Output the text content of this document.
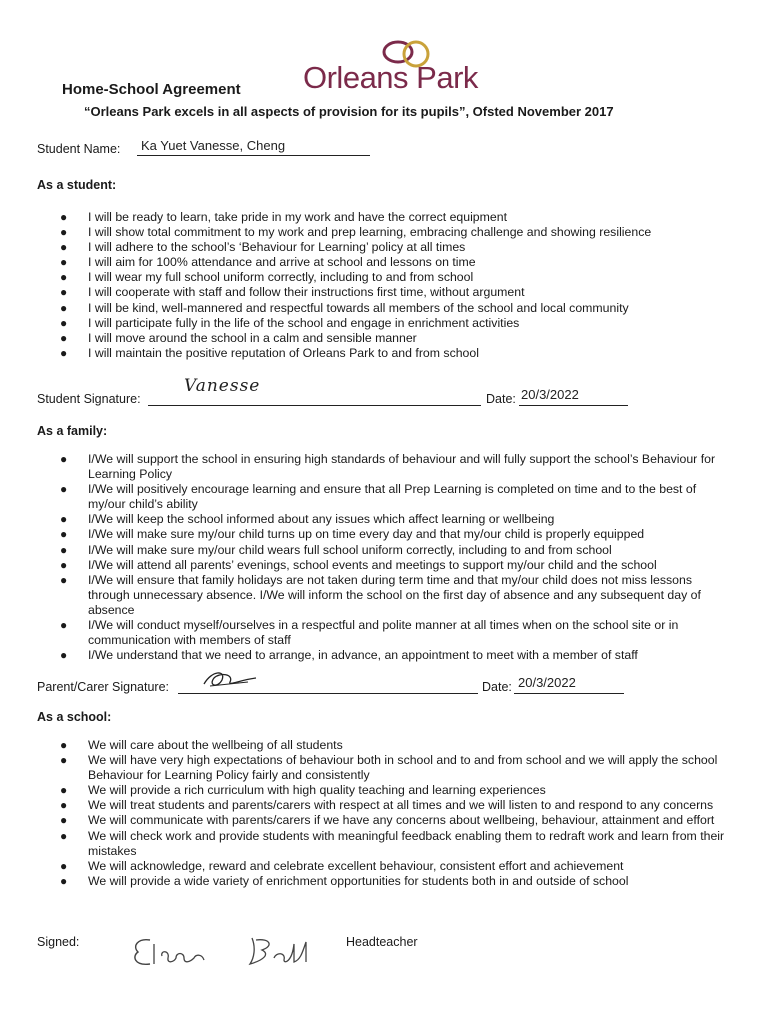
Home-School Agreement Orleans Park
“Orleans Park excels in all aspects of provision for its pupils”, Ofsted November 2017
Student Name: Ka Yuet Vanesse, Cheng
As a student:
● I will be ready to learn, take pride in my work and have the correct equipment
● I will show total commitment to my work and prep learning, embracing challenge and showing resilience
● I will adhere to the school’s ‘Behaviour for Learning’ policy at all times
● I will aim for 100% attendance and arrive at school and lessons on time
● I will wear my full school uniform correctly, including to and from school
● I will cooperate with staff and follow their instructions first time, without argument
● I will be kind, well-mannered and respectful towards all members of the school and local community
● I will participate fully in the life of the school and engage in enrichment activities
● I will move around the school in a calm and sensible manner
● I will maintain the positive reputation of Orleans Park to and from school
Student Signature:
Vanesse
Date: 20/3/2022
As a family:
● I/We will support the school in ensuring high standards of behaviour and will fully support the school’s Behaviour for Learning Policy
● I/We will positively encourage learning and ensure that all Prep Learning is completed on time and to the best of my/our child’s ability
● I/We will keep the school informed about any issues which affect learning or wellbeing
● I/We will make sure my/our child turns up on time every day and that my/our child is properly equipped
● I/We will make sure my/our child wears full school uniform correctly, including to and from school
● I/We will attend all parents’ evenings, school events and meetings to support my/our child and the school
● I/We will ensure that family holidays are not taken during term time and that my/our child does not miss lessons through unnecessary absence. I/We will inform the school on the first day of absence and any subsequent day of absence
● I/We will conduct myself/ourselves in a respectful and polite manner at all times when on the school site or in communication with members of staff
● I/We understand that we need to arrange, in advance, an appointment to meet with a member of staff
Parent/Carer Signature:	Date: 20/3/2022
As a school:
● We will care about the wellbeing of all students
● We will have very high expectations of behaviour both in school and to and from school and we will apply the school Behaviour for Learning Policy fairly and consistently
● We will provide a rich curriculum with high quality teaching and learning experiences
● We will treat students and parents/carers with respect at all times and we will listen to and respond to any concerns
● We will communicate with parents/carers if we have any concerns about wellbeing, behaviour, attainment and effort
● We will check work and provide students with meaningful feedback enabling them to redraft work and learn from their mistakes
● We will acknowledge, reward and celebrate excellent behaviour, consistent effort and achievement
● We will provide a wide variety of enrichment opportunities for students both in and outside of school
Signed:	Headteacher
